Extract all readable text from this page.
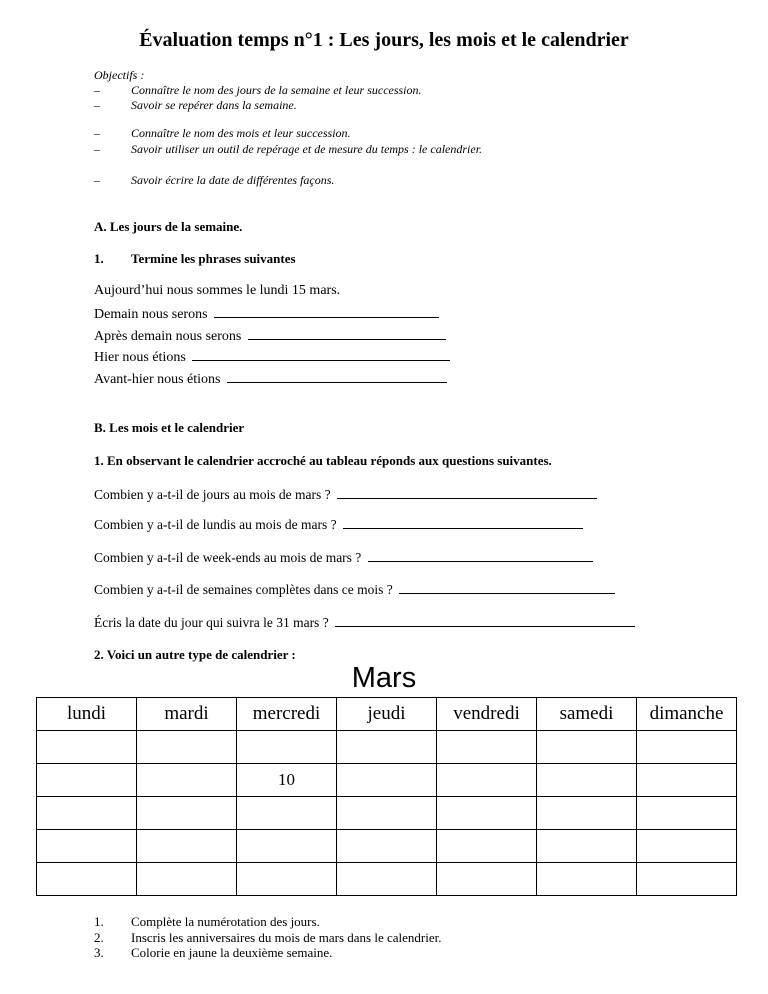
Évaluation temps n°1 : Les jours, les mois et le calendrier
Objectifs :
–	Connaître le nom des jours de la semaine et leur succession.
–	Savoir se repérer dans la semaine.
–	Connaître le nom des mois et leur succession.
–	Savoir utiliser un outil de repérage et de mesure du temps : le calendrier.
–	Savoir écrire la date de différentes façons.
A. Les jours de la semaine.
1. Termine les phrases suivantes
Aujourd’hui nous sommes le lundi 15 mars.
Demain nous serons
Après demain nous serons
Hier nous étions
Avant-hier nous étions
B. Les mois et le calendrier
1. En observant le calendrier accroché au tableau réponds aux questions suivantes.
Combien y a-t-il de jours au mois de mars ?
Combien y a-t-il de lundis au mois de mars ?
Combien y a-t-il de week-ends au mois de mars ?
Combien y a-t-il de semaines complètes dans ce mois ?
Écris la date du jour qui suivra le 31 mars ?
2. Voici un autre type de calendrier :
Mars
lundi	mardi	mercredi	jeudi	vendredi	samedi	dimanche

		10				

1. Complète la numérotation des jours.
2. Inscris les anniversaires du mois de mars dans le calendrier.
3. Colorie en jaune la deuxième semaine.
